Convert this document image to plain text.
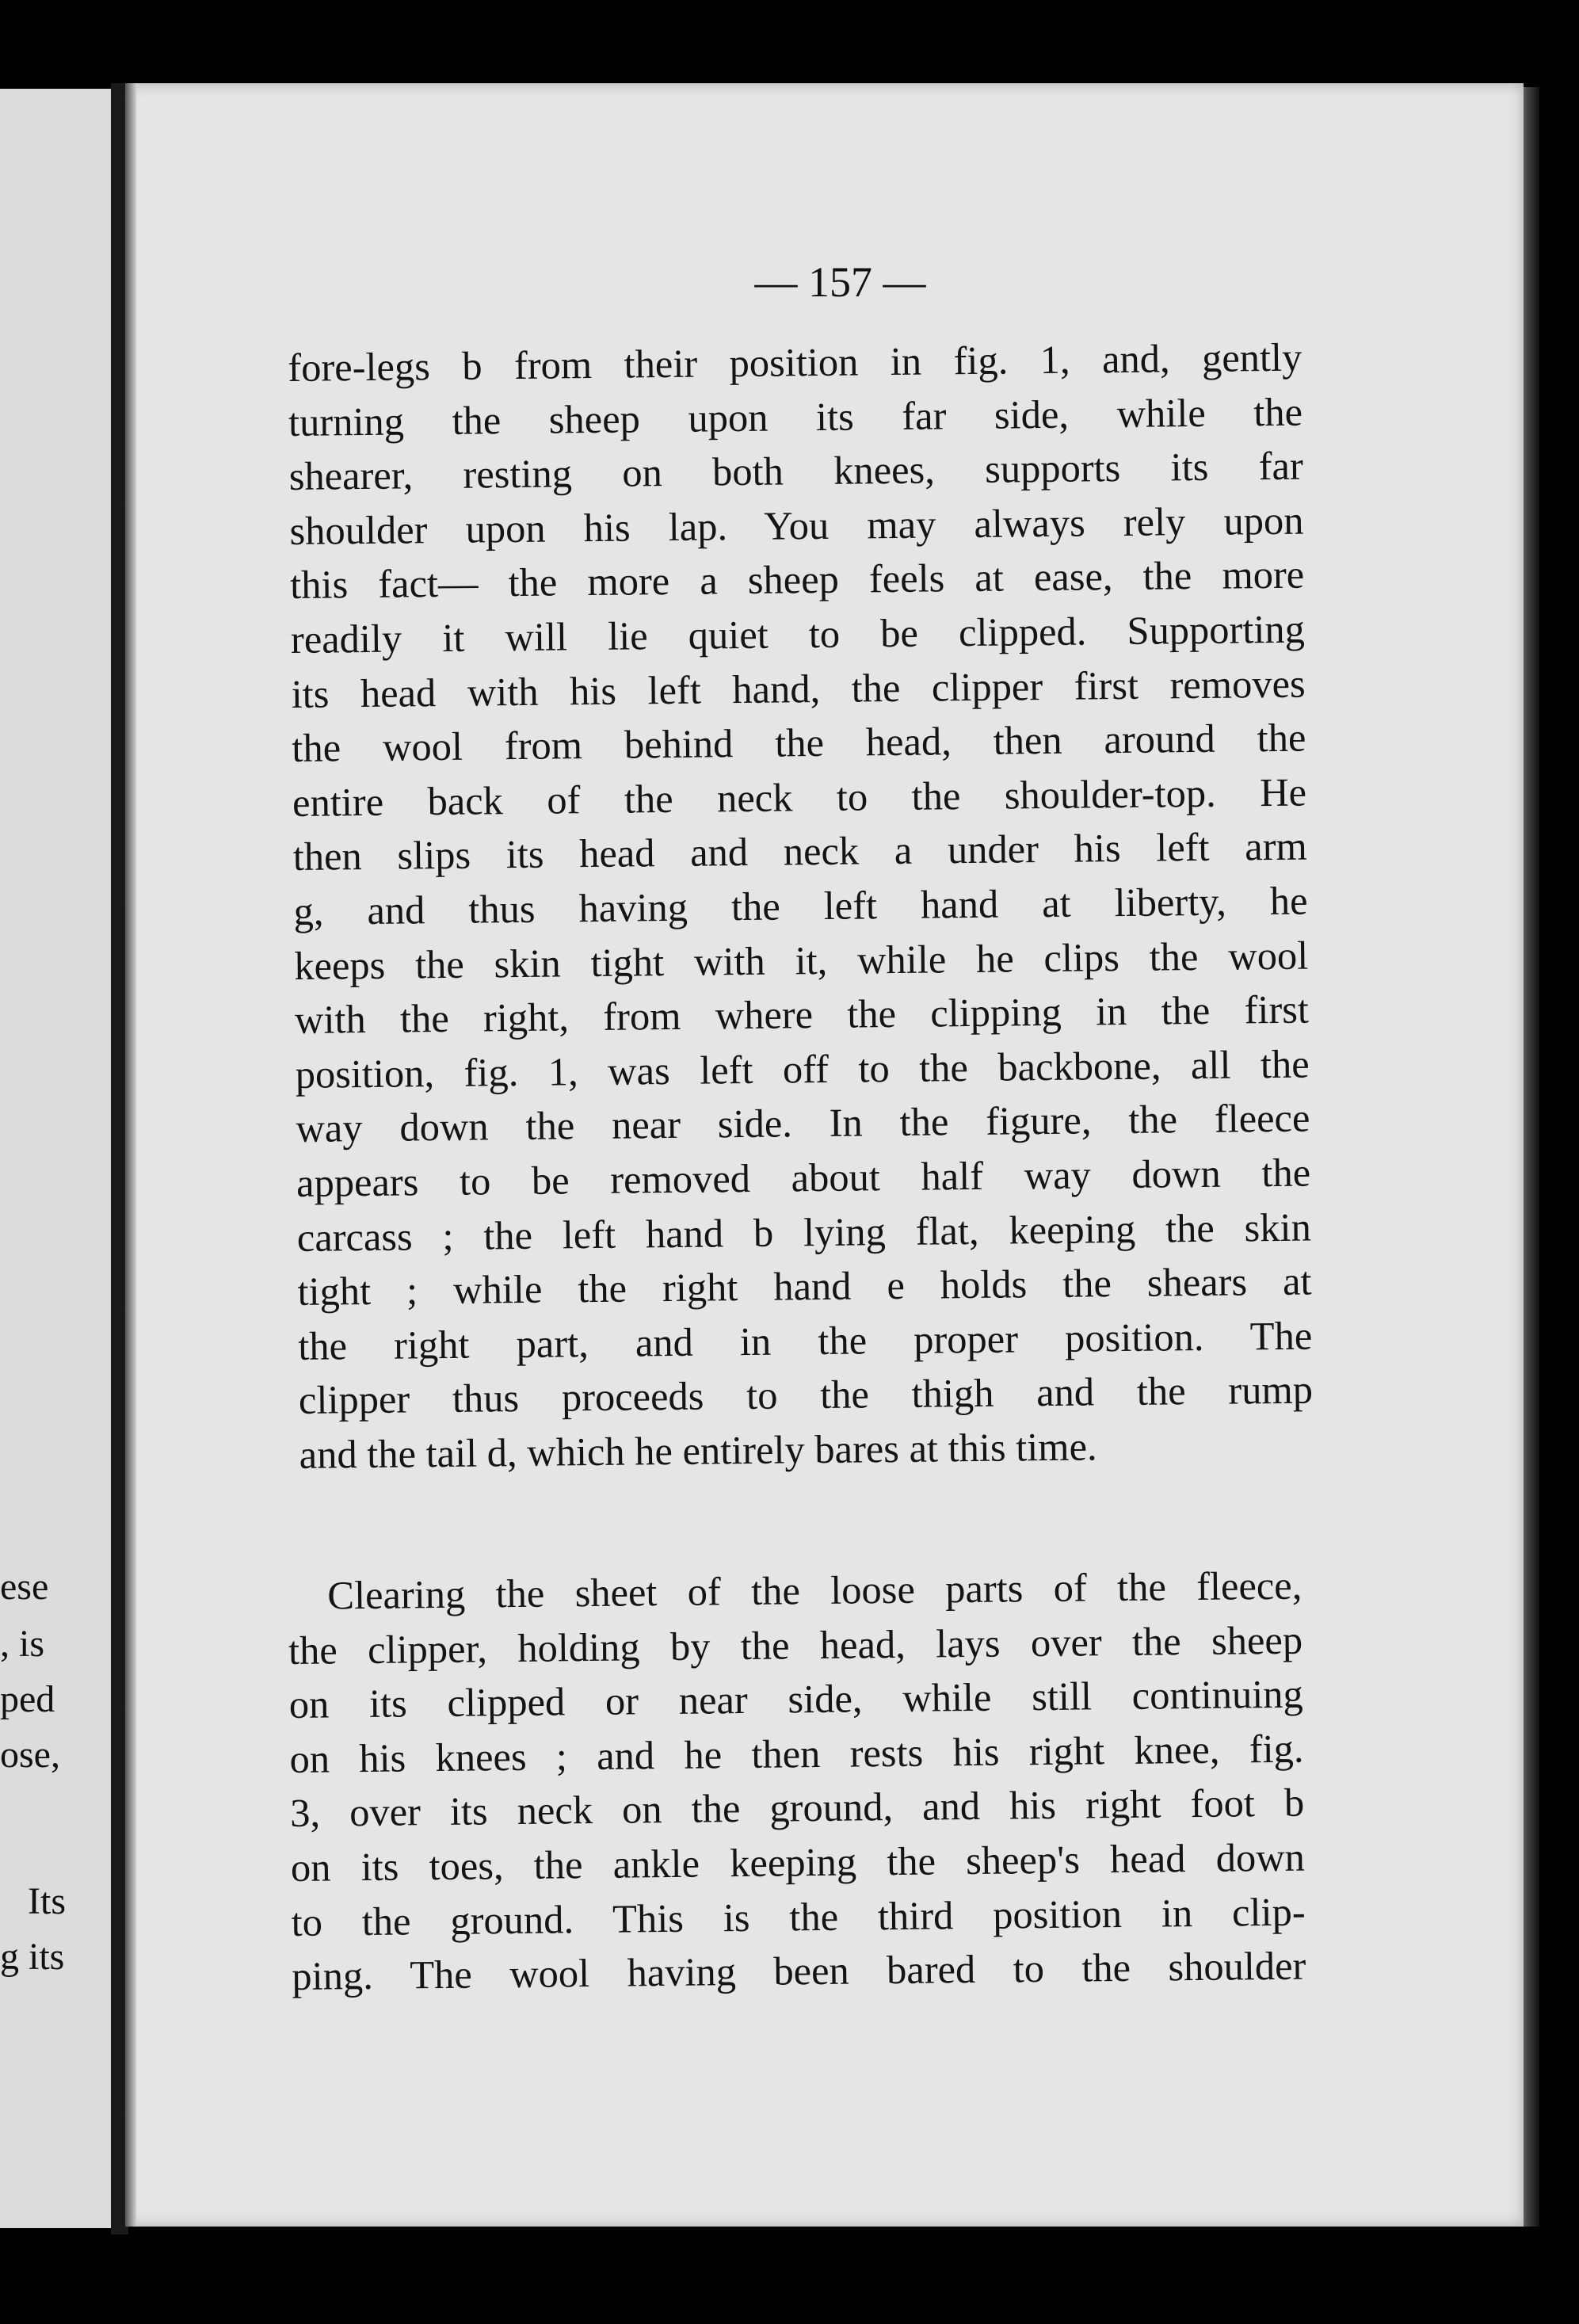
ese
, is
ped
ose,
Its
g its
— 157 —
fore-legs b from their position in fig. 1, and, gently
turning the sheep upon its far side, while the
shearer, resting on both knees, supports its far
shoulder upon his lap. You may always rely upon
this fact— the more a sheep feels at ease, the more
readily it will lie quiet to be clipped. Supporting
its head with his left hand, the clipper first removes
the wool from behind the head, then around the
entire back of the neck to the shoulder-top. He
then slips its head and neck a under his left arm
g, and thus having the left hand at liberty, he
keeps the skin tight with it, while he clips the wool
with the right, from where the clipping in the first
position, fig. 1, was left off to the backbone, all the
way down the near side. In the figure, the fleece
appears to be removed about half way down the
carcass ; the left hand b lying flat, keeping the skin
tight ; while the right hand e holds the shears at
the right part, and in the proper position. The
clipper thus proceeds to the thigh and the rump
and the tail d, which he entirely bares at this time.
Clearing the sheet of the loose parts of the fleece,
the clipper, holding by the head, lays over the sheep
on its clipped or near side, while still continuing
on his knees ; and he then rests his right knee, fig.
3, over its neck on the ground, and his right foot b
on its toes, the ankle keeping the sheep's head down
to the ground. This is the third position in clip-
ping. The wool having been bared to the shoulder
